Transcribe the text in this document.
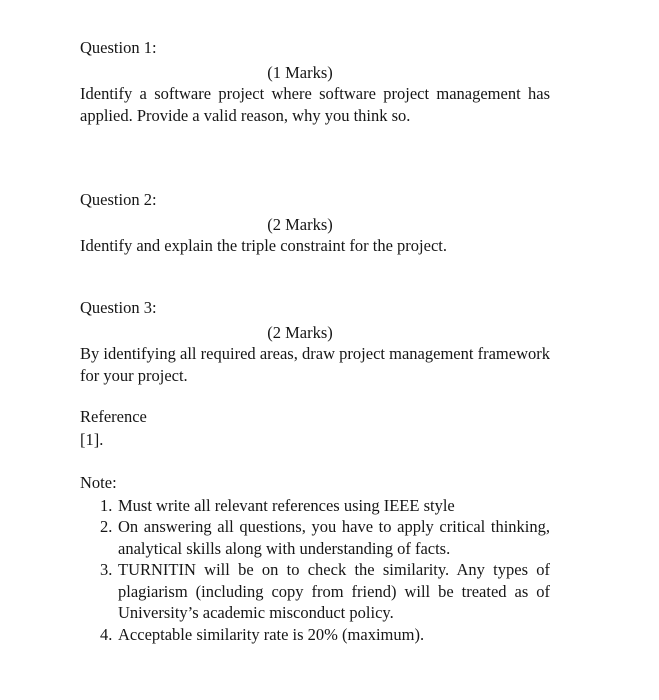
Question 1:
(1 Marks)
Identify a software project where software project management has applied. Provide a valid reason, why you think so.
Question 2:
(2 Marks)
Identify and explain the triple constraint for the project.
Question 3:
(2 Marks)
By identifying all required areas, draw project management framework for your project.
Reference
[1].
Note:
1. Must write all relevant references using IEEE style
2. On answering all questions, you have to apply critical thinking, analytical skills along with understanding of facts.
3. TURNITIN will be on to check the similarity. Any types of plagiarism (including copy from friend) will be treated as of University’s academic misconduct policy.
4. Acceptable similarity rate is 20% (maximum).
